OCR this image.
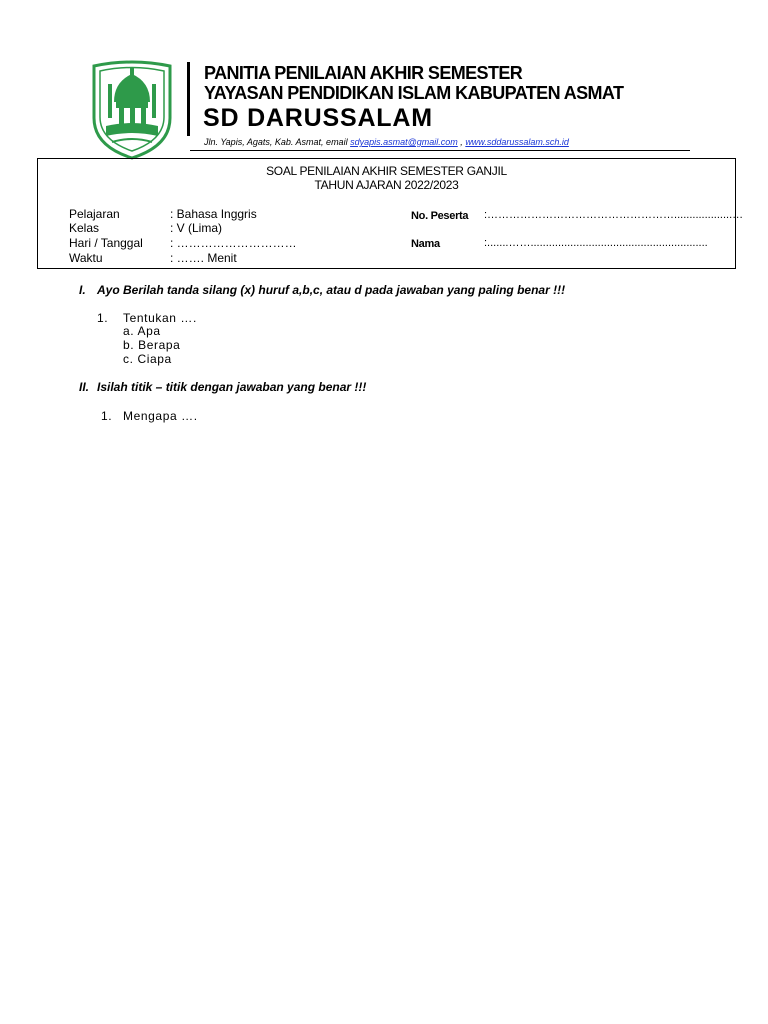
PANITIA PENILAIAN AKHIR SEMESTER
YAYASAN PENDIDIKAN ISLAM KABUPATEN ASMAT
SD DARUSSALAM
Jln. Yapis, Agats, Kab. Asmat, email sdyapis.asmat@gmail.com , www.sddarussalam.sch.id
SOAL PENILAIAN AKHIR SEMESTER GANJIL
TAHUN AJARAN 2022/2023
Pelajaran	: Bahasa Inggris
Kelas	: V (Lima)
Hari / Tanggal : …………………………
Waktu	: ……. Menit
No. Peserta :……………………………………………...................…
Nama	:.......……..........................................................
I. Ayo Berilah tanda silang (x) huruf a,b,c, atau d pada jawaban yang paling benar !!!
1. Tentukan ….
a. Apa
b. Berapa
c. Ciapa
II. Isilah titik – titik dengan jawaban yang benar !!!
1. Mengapa ….
